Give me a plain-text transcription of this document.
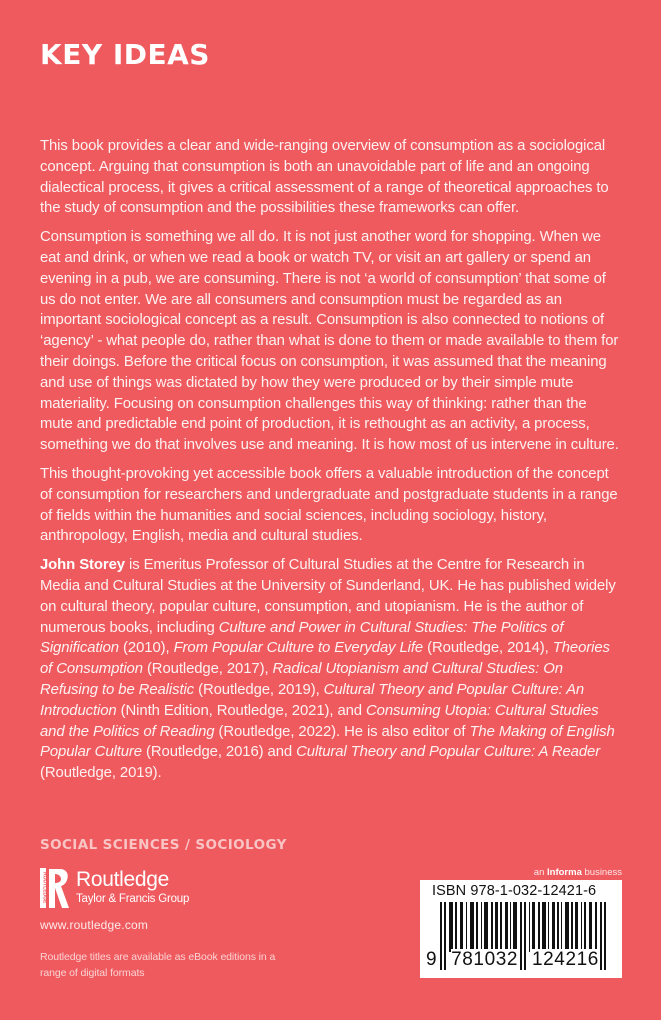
KEY IDEAS

This book provides a clear and wide-ranging overview of consumption as a sociological concept. Arguing that consumption is both an unavoidable part of life and an ongoing dialectical process, it gives a critical assessment of a range of theoretical approaches to the study of consumption and the possibilities these frameworks can offer.

Consumption is something we all do. It is not just another word for shopping. When we eat and drink, or when we read a book or watch TV, or visit an art gallery or spend an evening in a pub, we are consuming. There is not ‘a world of consumption’ that some of us do not enter. We are all consumers and consumption must be regarded as an important sociological concept as a result. Consumption is also connected to notions of ‘agency’ - what people do, rather than what is done to them or made available to them for their doings. Before the critical focus on consumption, it was assumed that the meaning and use of things was dictated by how they were produced or by their simple mute materiality. Focusing on consumption challenges this way of thinking: rather than the mute and predictable end point of production, it is rethought as an activity, a process, something we do that involves use and meaning. It is how most of us intervene in culture.

This thought-provoking yet accessible book offers a valuable introduction of the concept of consumption for researchers and undergraduate and postgraduate students in a range of fields within the humanities and social sciences, including sociology, history, anthropology, English, media and cultural studies.

John Storey is Emeritus Professor of Cultural Studies at the Centre for Research in Media and Cultural Studies at the University of Sunderland, UK. He has published widely on cultural theory, popular culture, consumption, and utopianism. He is the author of numerous books, including Culture and Power in Cultural Studies: The Politics of Signification (2010), From Popular Culture to Everyday Life (Routledge, 2014), Theories of Consumption (Routledge, 2017), Radical Utopianism and Cultural Studies: On Refusing to be Realistic (Routledge, 2019), Cultural Theory and Popular Culture: An Introduction (Ninth Edition, Routledge, 2021), and Consuming Utopia: Cultural Studies and the Politics of Reading (Routledge, 2022). He is also editor of The Making of English Popular Culture (Routledge, 2016) and Cultural Theory and Popular Culture: A Reader (Routledge, 2019).

SOCIAL SCIENCES / SOCIOLOGY
ROUTLEDGE Routledge
Taylor & Francis Group
www.routledge.com
Routledge titles are available as eBook editions in a range of digital formats
an Informa business
ISBN 978-1-032-12421-6
9 781032 124216
